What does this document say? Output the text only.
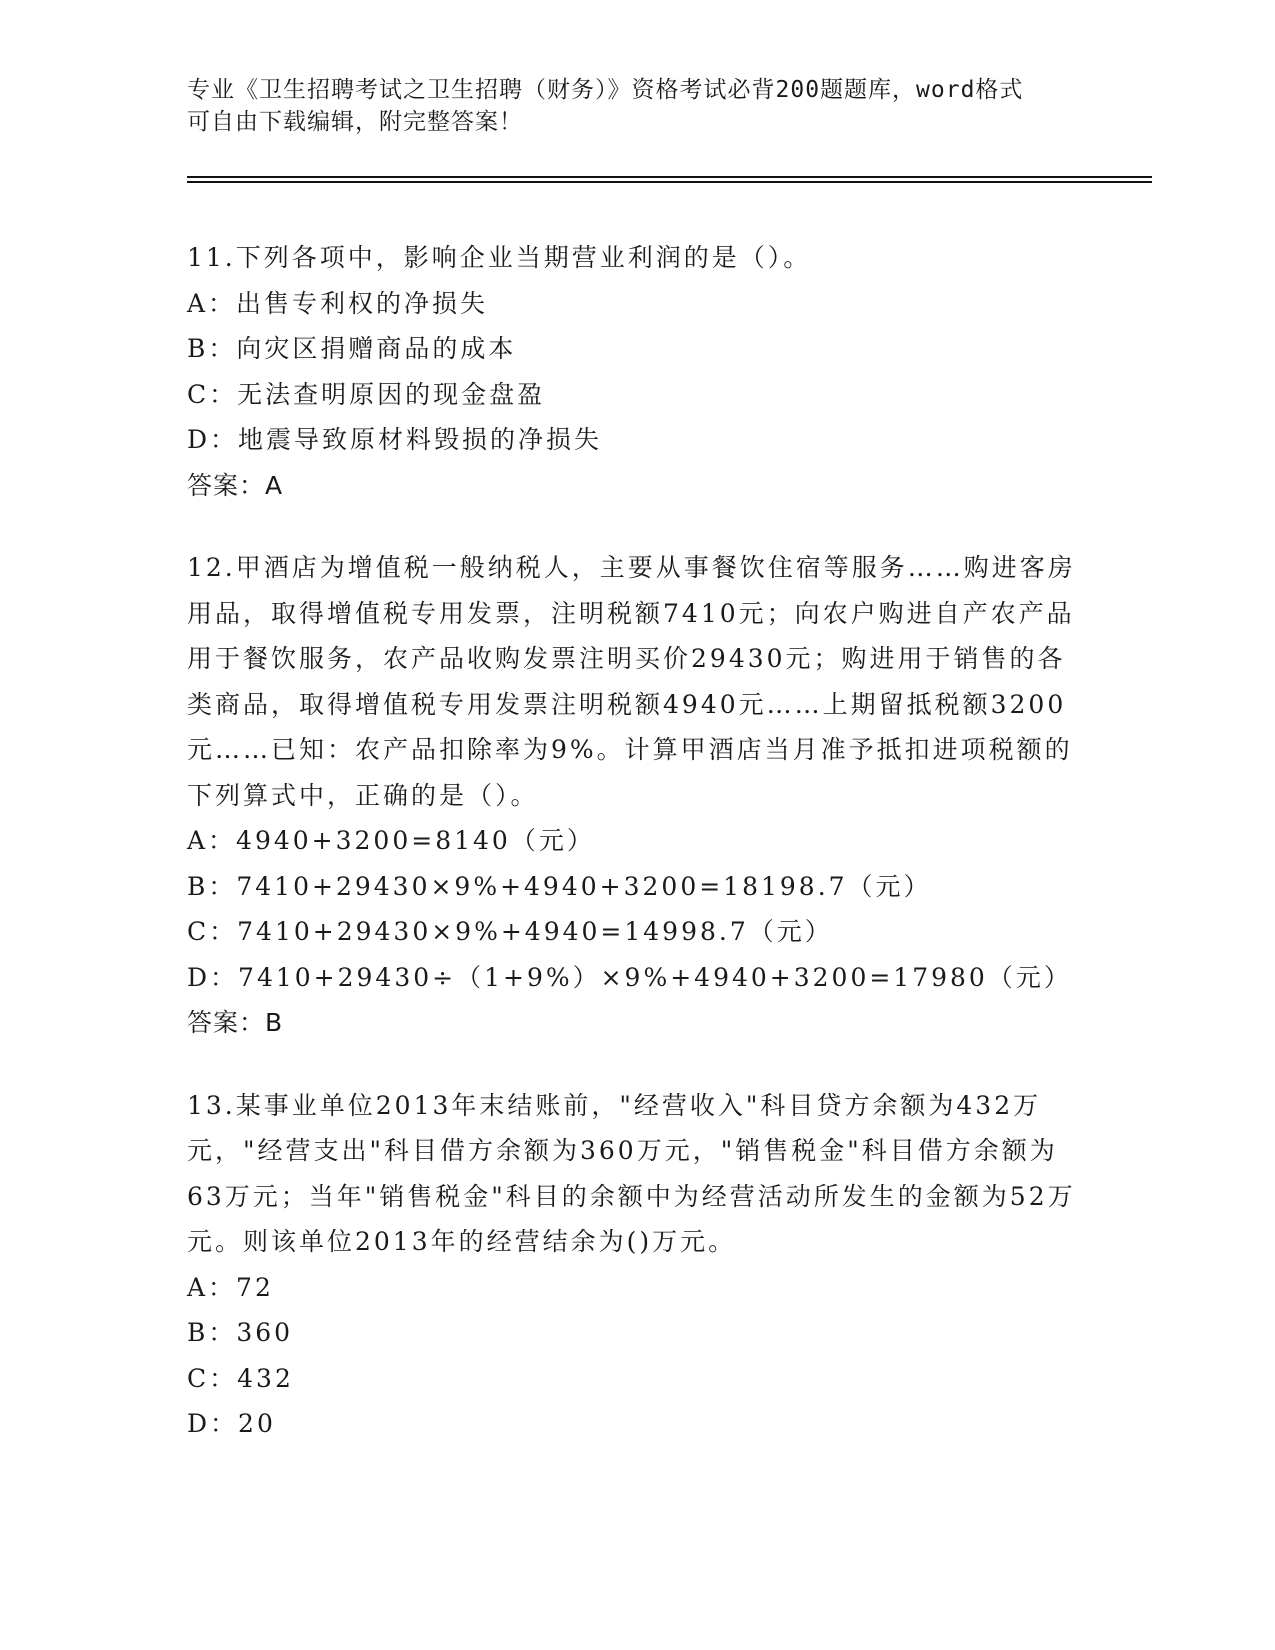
专业《卫生招聘考试之卫生招聘（财务）》资格考试必背200题题库，word格式
可自由下载编辑，附完整答案！
11.下列各项中，影响企业当期营业利润的是（）。
A：出售专利权的净损失
B：向灾区捐赠商品的成本
C：无法查明原因的现金盘盈
D：地震导致原材料毁损的净损失
答案：A
12.甲酒店为增值税一般纳税人，主要从事餐饮住宿等服务……购进客房用品，取得增值税专用发票，注明税额7410元；向农户购进自产农产品用于餐饮服务，农产品收购发票注明买价29430元；购进用于销售的各类商品，取得增值税专用发票注明税额4940元……上期留抵税额3200元……已知：农产品扣除率为9%。计算甲酒店当月准予抵扣进项税额的下列算式中，正确的是（）。
A：4940+3200=8140（元）
B：7410+29430×9%+4940+3200=18198.7（元）
C：7410+29430×9%+4940=14998.7（元）
D：7410+29430÷（1+9%）×9%+4940+3200=17980（元）
答案：B
13.某事业单位2013年末结账前，"经营收入"科目贷方余额为432万元，"经营支出"科目借方余额为360万元，"销售税金"科目借方余额为63万元；当年"销售税金"科目的余额中为经营活动所发生的金额为52万元。则该单位2013年的经营结余为()万元。
A：72
B：360
C：432
D：20
